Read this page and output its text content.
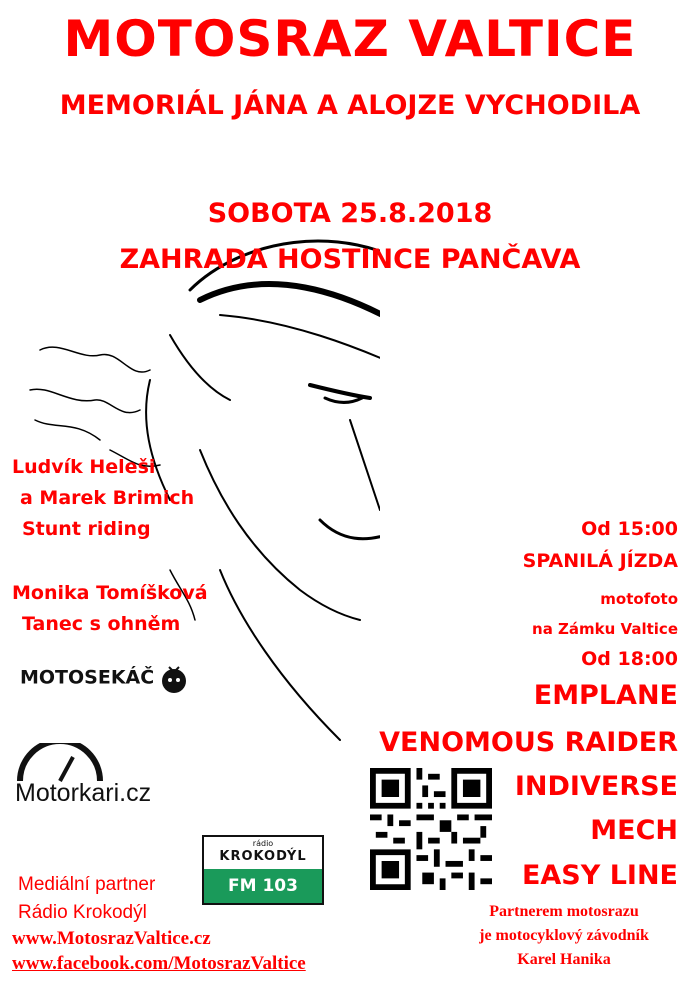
MOTOSRAZ VALTICE
MEMORIÁL JÁNA A ALOJZE VYCHODILA
SOBOTA 25.8.2018
ZAHRADA HOSTINCE PANČAVA
Ludvík Heleši
a Marek Brimich
Stunt riding
Monika Tomíšková
Tanec s ohněm
Od 15:00
SPANILÁ JÍZDA
motofoto
na Zámku Valtice
Od 18:00
EMPLANE
VENOMOUS RAIDER
INDIVERSE
MECH
EASY LINE
MOTOSEKÁČ
Motorkari.cz
rádio
KROKODÝL
FM 103
Mediální partner
Rádio Krokodýl
www.MotosrazValtice.cz
www.facebook.com/MotosrazValtice
Partnerem motosrazu
je motocyklový závodník
Karel Hanika
